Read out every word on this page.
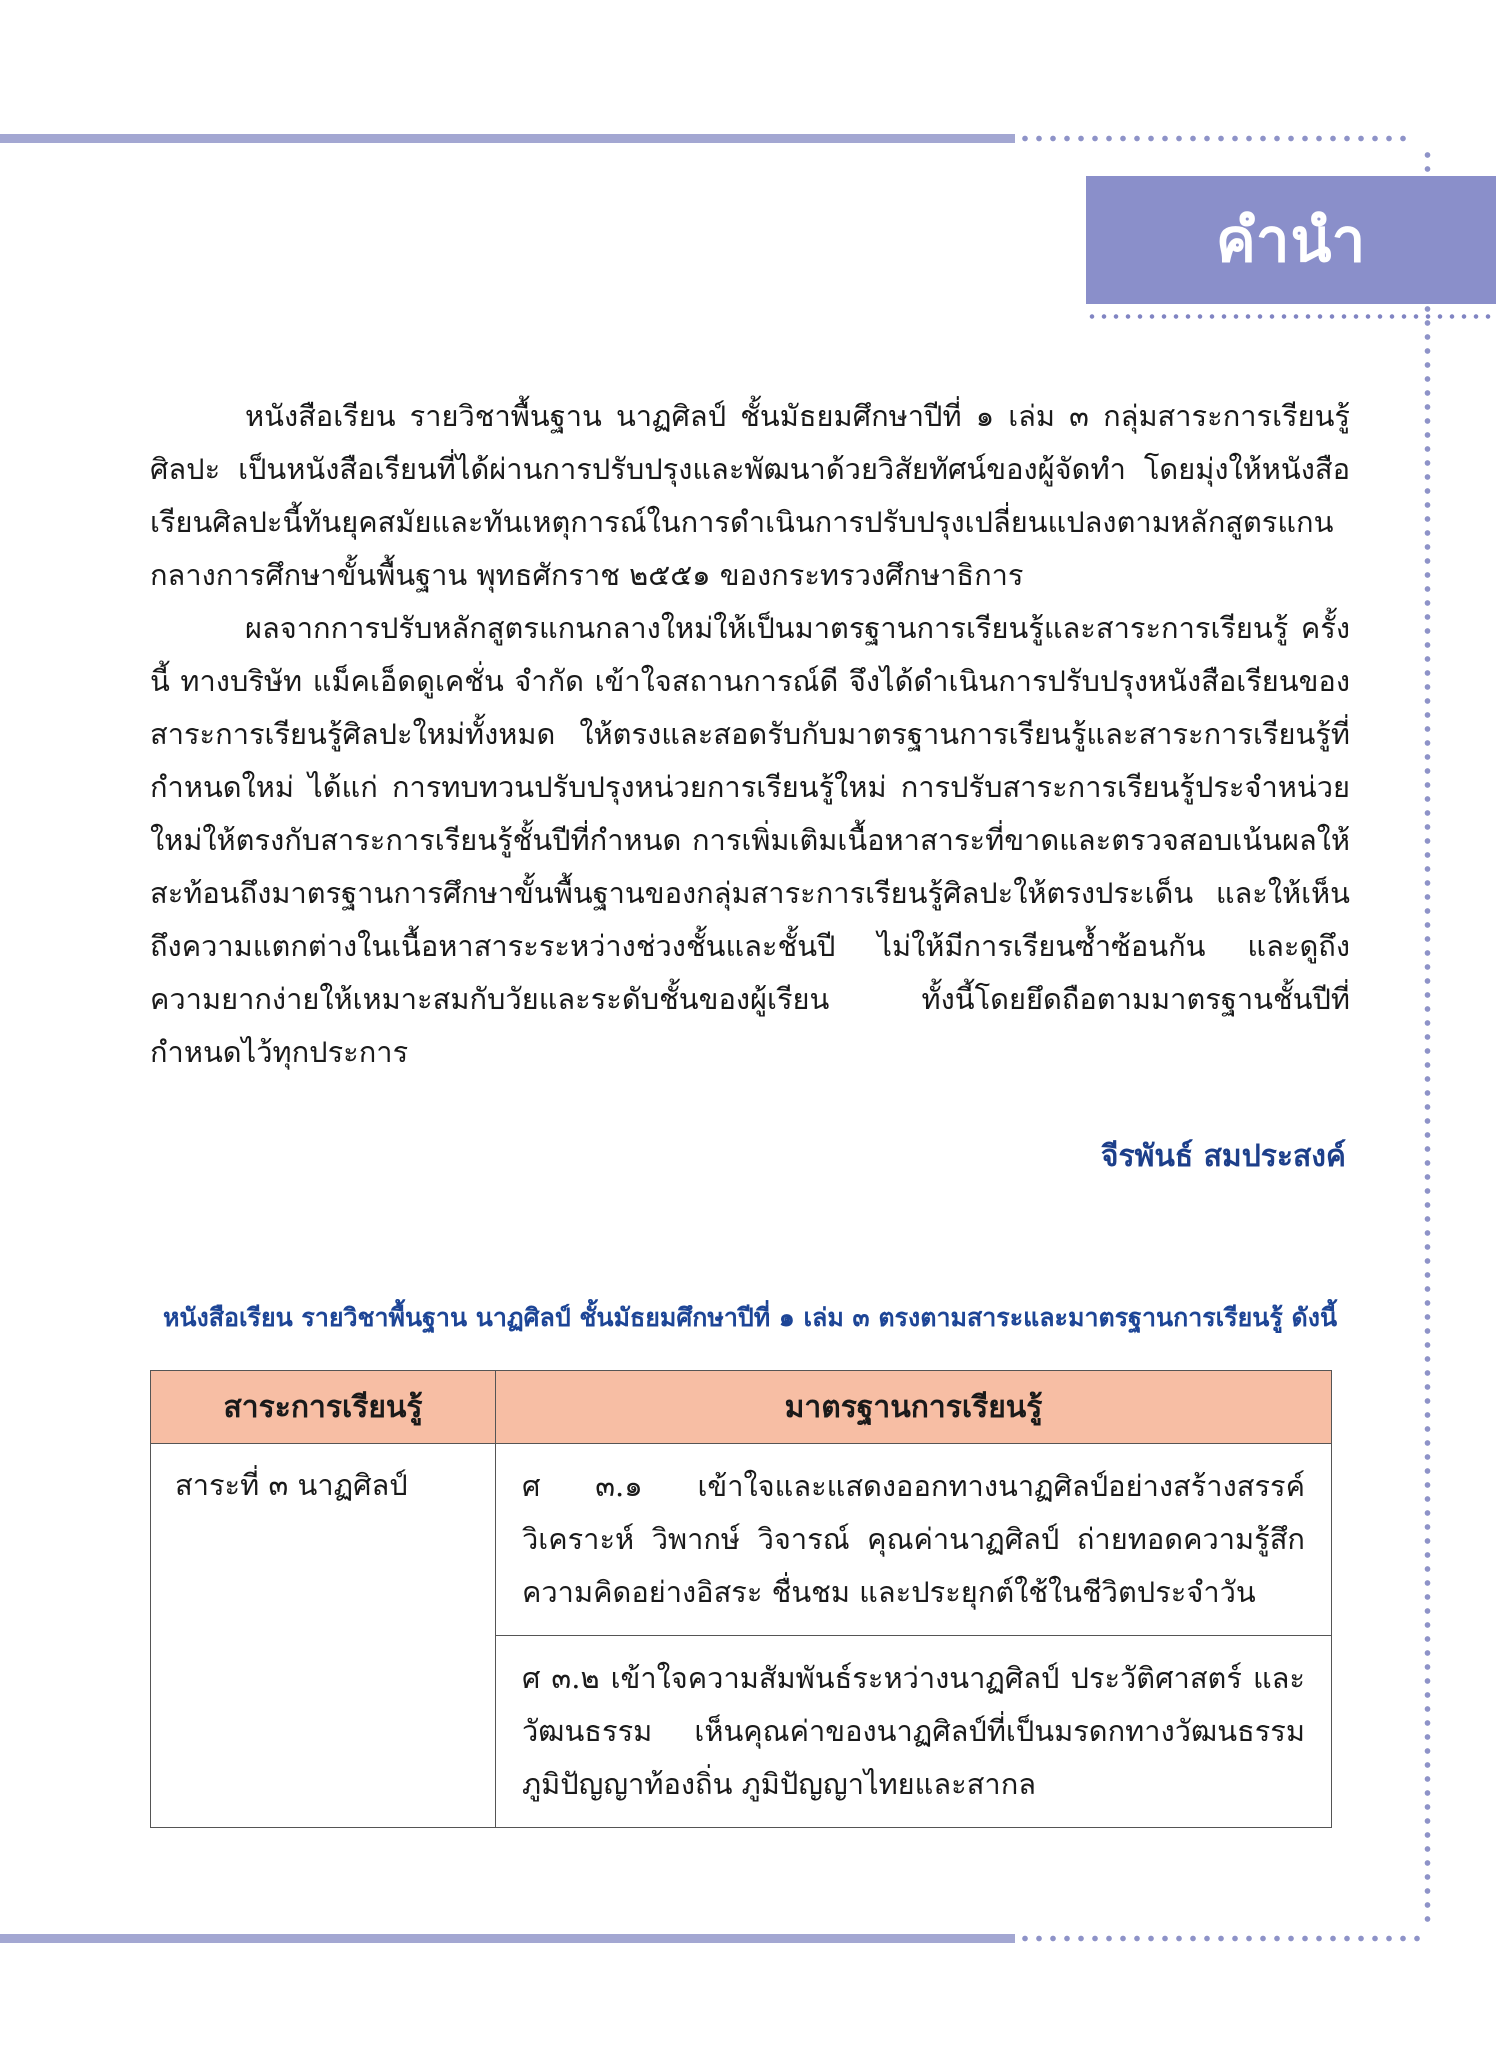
คำนำ

หนังสือเรียน รายวิชาพื้นฐาน นาฏศิลป์ ชั้นมัธยมศึกษาปีที่ ๑ เล่ม ๓ กลุ่มสาระการเรียนรู้ศิลปะ เป็นหนังสือเรียนที่ได้ผ่านการปรับปรุงและพัฒนาด้วยวิสัยทัศน์ของผู้จัดทำ โดยมุ่งให้หนังสือเรียนศิลปะนี้ทันยุคสมัยและทันเหตุการณ์ในการดำเนินการปรับปรุงเปลี่ยนแปลงตามหลักสูตรแกนกลางการศึกษาขั้นพื้นฐาน พุทธศักราช ๒๕๕๑ ของกระทรวงศึกษาธิการ

ผลจากการปรับหลักสูตรแกนกลางใหม่ให้เป็นมาตรฐานการเรียนรู้และสาระการเรียนรู้ ครั้งนี้ ทางบริษัท แม็คเอ็ดดูเคชั่น จำกัด เข้าใจสถานการณ์ดี จึงได้ดำเนินการปรับปรุงหนังสือเรียนของสาระการเรียนรู้ศิลปะใหม่ทั้งหมด ให้ตรงและสอดรับกับมาตรฐานการเรียนรู้และสาระการเรียนรู้ที่กำหนดใหม่ ได้แก่ การทบทวนปรับปรุงหน่วยการเรียนรู้ใหม่ การปรับสาระการเรียนรู้ประจำหน่วยใหม่ให้ตรงกับสาระการเรียนรู้ชั้นปีที่กำหนด การเพิ่มเติมเนื้อหาสาระที่ขาดและตรวจสอบเน้นผลให้สะท้อนถึงมาตรฐานการศึกษาขั้นพื้นฐานของกลุ่มสาระการเรียนรู้ศิลปะให้ตรงประเด็น และให้เห็นถึงความแตกต่างในเนื้อหาสาระระหว่างช่วงชั้นและชั้นปี ไม่ให้มีการเรียนซ้ำซ้อนกัน และดูถึงความยากง่ายให้เหมาะสมกับวัยและระดับชั้นของผู้เรียน ทั้งนี้โดยยึดถือตามมาตรฐานชั้นปีที่กำหนดไว้ทุกประการ

จีรพันธ์ สมประสงค์
หนังสือเรียน รายวิชาพื้นฐาน นาฏศิลป์ ชั้นมัธยมศึกษาปีที่ ๑ เล่ม ๓ ตรงตามสาระและมาตรฐานการเรียนรู้ ดังนี้
สาระการเรียนรู้	มาตรฐานการเรียนรู้
สาระที่ ๓ นาฏศิลป์	ศ ๓.๑ เข้าใจและแสดงออกทางนาฏศิลป์อย่างสร้างสรรค์ วิเคราะห์ วิพากษ์ วิจารณ์ คุณค่านาฏศิลป์ ถ่ายทอดความรู้สึก ความคิดอย่างอิสระ ชื่นชม และประยุกต์ใช้ในชีวิตประจำวัน
	ศ ๓.๒ เข้าใจความสัมพันธ์ระหว่างนาฏศิลป์ ประวัติศาสตร์ และวัฒนธรรม เห็นคุณค่าของนาฏศิลป์ที่เป็นมรดกทางวัฒนธรรม ภูมิปัญญาท้องถิ่น ภูมิปัญญาไทยและสากล
